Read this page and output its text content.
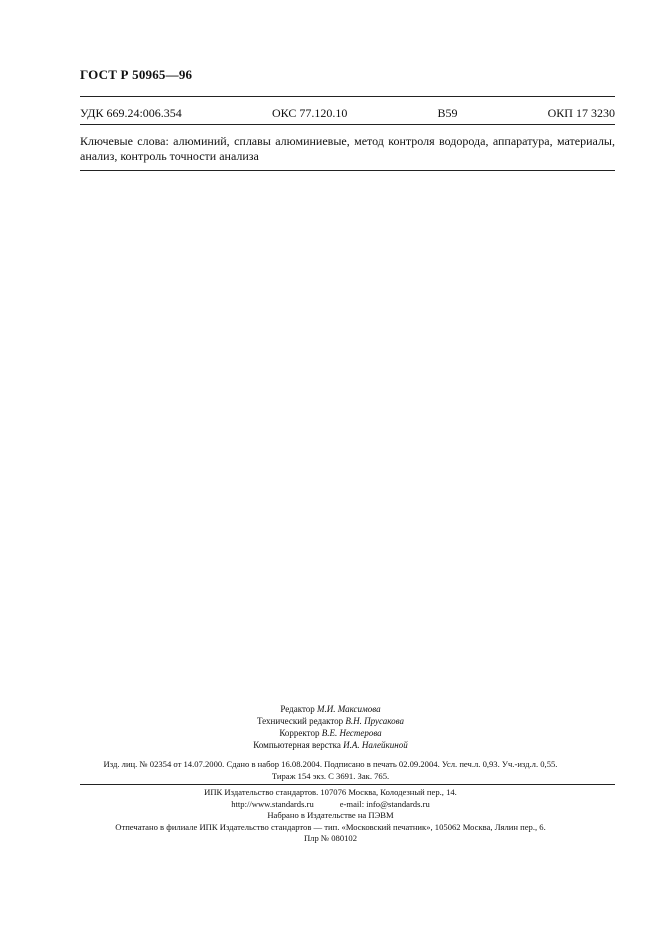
ГОСТ Р 50965—96
УДК 669.24:006.354	ОКС 77.120.10	В59	ОКП 17 3230
Ключевые слова: алюминий, сплавы алюминиевые, метод контроля водорода, аппаратура, материалы, анализ, контроль точности анализа
Редактор М.И. Максимова
Технический редактор В.Н. Прусакова
Корректор В.Е. Нестерова
Компьютерная верстка И.А. Налейкиной
Изд. лиц. № 02354 от 14.07.2000. Сдано в набор 16.08.2004. Подписано в печать 02.09.2004. Усл. печ.л. 0,93. Уч.-изд.л. 0,55.
Тираж 154 экз. С 3691. Зак. 765.
ИПК Издательство стандартов. 107076 Москва, Колодезный пер., 14.
http://www.standards.ru	e-mail: info@standards.ru
Набрано в Издательстве на ПЭВМ
Отпечатано в филиале ИПК Издательство стандартов — тип. «Московский печатник», 105062 Москва, Лялин пер., 6.
Плр № 080102
